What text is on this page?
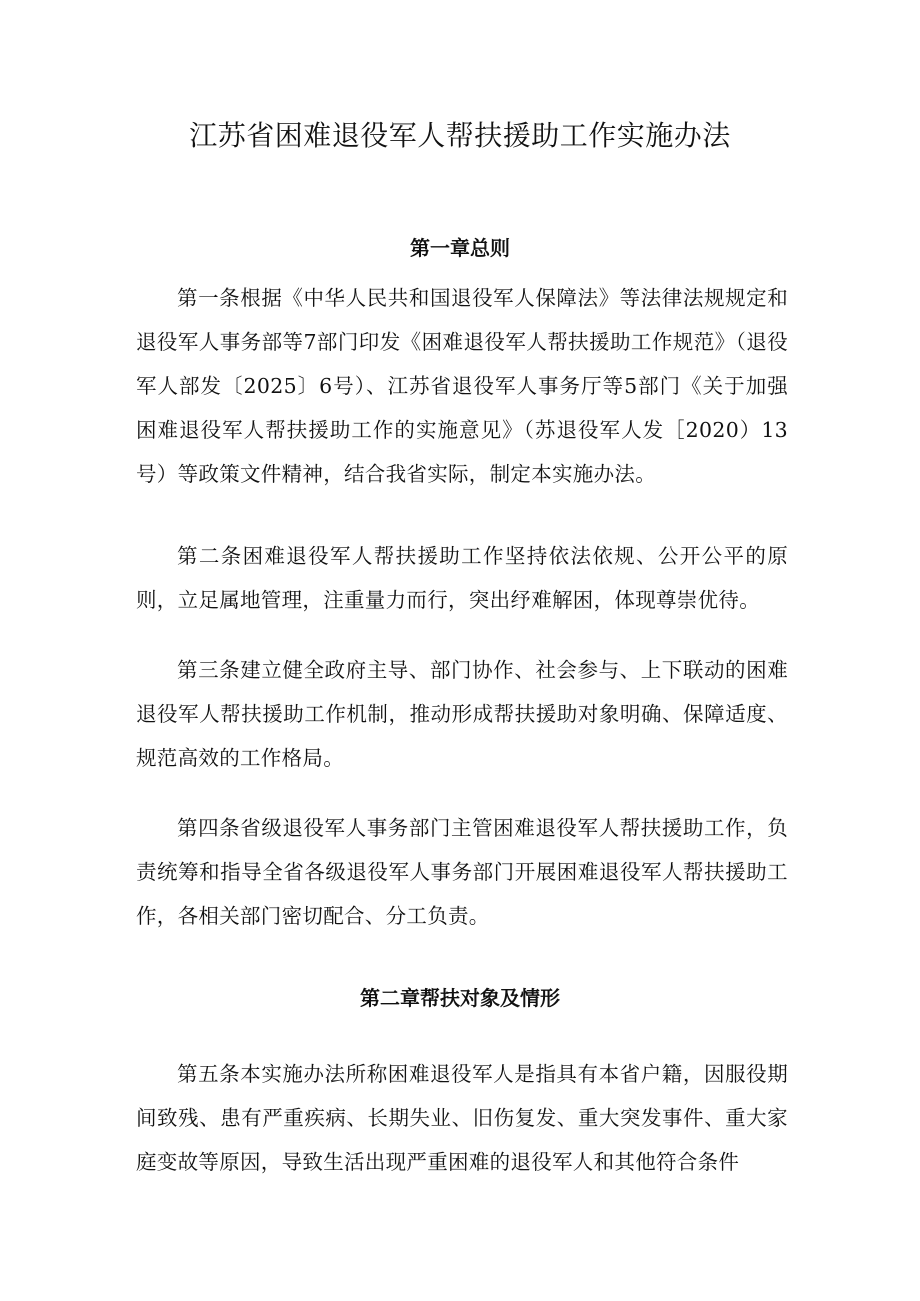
江苏省困难退役军人帮扶援助工作实施办法
第一章总则

第一条根据《中华人民共和国退役军人保障法》等法律法规规定和退役军人事务部等7部门印发《困难退役军人帮扶援助工作规范》（退役军人部发〔2025〕6号）、江苏省退役军人事务厅等5部门《关于加强困难退役军人帮扶援助工作的实施意见》（苏退役军人发［2020）13号）等政策文件精神，结合我省实际，制定本实施办法。

第二条困难退役军人帮扶援助工作坚持依法依规、公开公平的原则，立足属地管理，注重量力而行，突出纾难解困，体现尊崇优待。

第三条建立健全政府主导、部门协作、社会参与、上下联动的困难退役军人帮扶援助工作机制，推动形成帮扶援助对象明确、保障适度、规范高效的工作格局。

第四条省级退役军人事务部门主管困难退役军人帮扶援助工作，负责统筹和指导全省各级退役军人事务部门开展困难退役军人帮扶援助工作，各相关部门密切配合、分工负责。

第二章帮扶对象及情形

第五条本实施办法所称困难退役军人是指具有本省户籍，因服役期间致残、患有严重疾病、长期失业、旧伤复发、重大突发事件、重大家庭变故等原因，导致生活出现严重困难的退役军人和其他符合条件
